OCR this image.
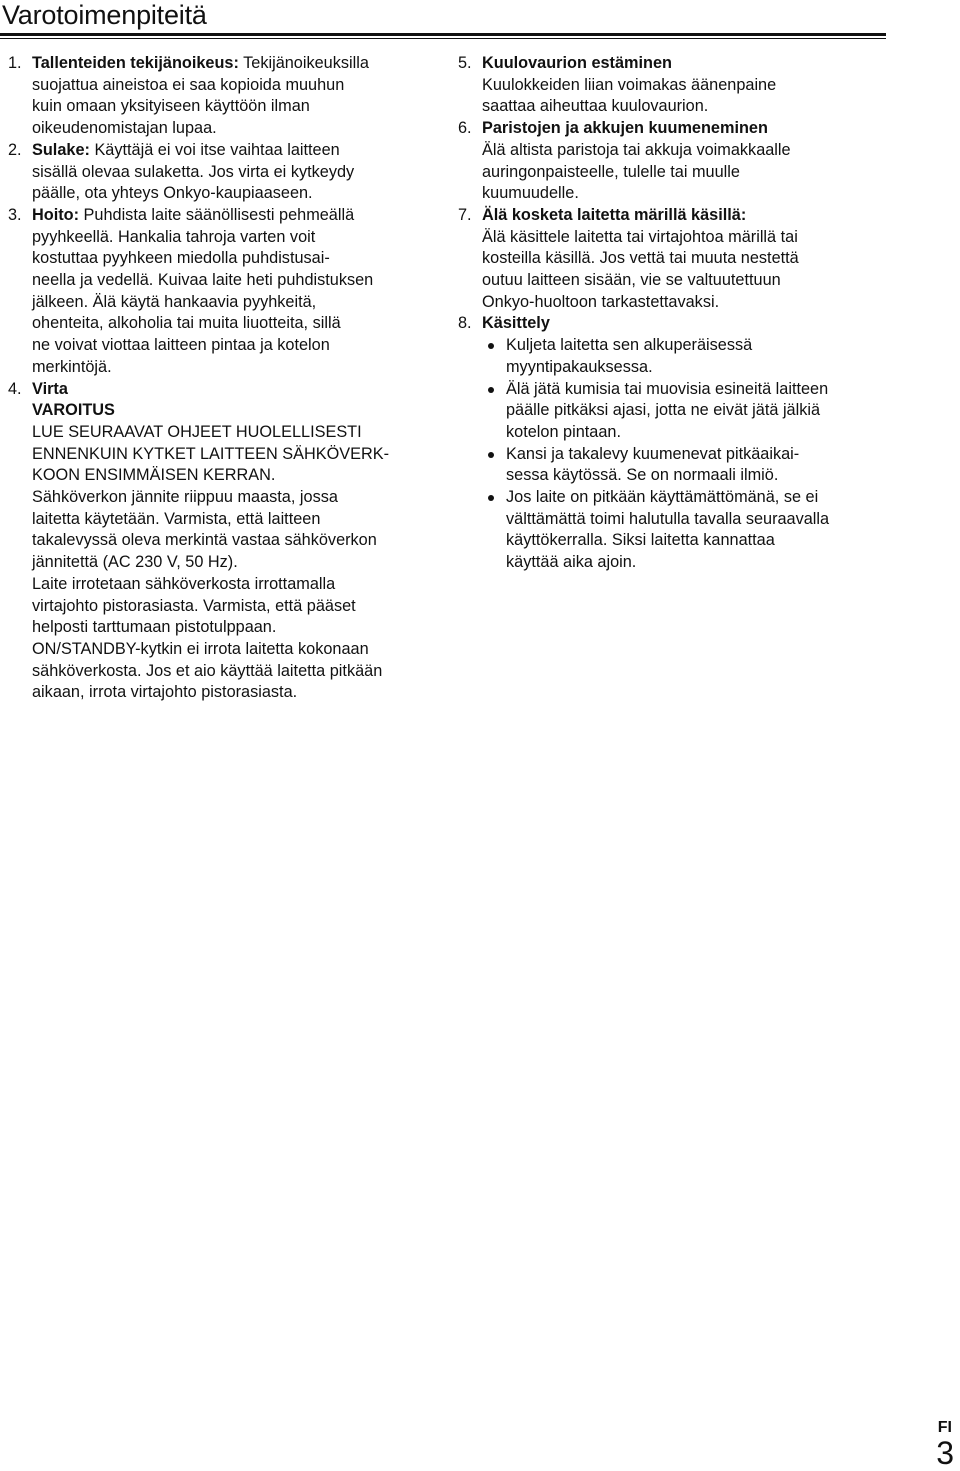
Varotoimenpiteitä
1. Tallenteiden tekijänoikeus: Tekijänoikeuksilla
suojattua aineistoa ei saa kopioida muuhun
kuin omaan yksityiseen käyttöön ilman
oikeudenomistajan lupaa.
2. Sulake: Käyttäjä ei voi itse vaihtaa laitteen
sisällä olevaa sulaketta. Jos virta ei kytkeydy
päälle, ota yhteys Onkyo-kaupiaaseen.
3. Hoito: Puhdista laite säänöllisesti pehmeällä
pyyhkeellä. Hankalia tahroja varten voit
kostuttaa pyyhkeen miedolla puhdistusai-
neella ja vedellä. Kuivaa laite heti puhdistuksen
jälkeen. Älä käytä hankaavia pyyhkeitä,
ohenteita, alkoholia tai muita liuotteita, sillä
ne voivat viottaa laitteen pintaa ja kotelon
merkintöjä.
4. Virta
VAROITUS
LUE SEURAAVAT OHJEET HUOLELLISESTI
ENNENKUIN KYTKET LAITTEEN SÄHKÖVERK-
KOON ENSIMMÄISEN KERRAN.
Sähköverkon jännite riippuu maasta, jossa
laitetta käytetään. Varmista, että laitteen
takalevyssä oleva merkintä vastaa sähköverkon
jännitettä (AC 230 V, 50 Hz).
Laite irrotetaan sähköverkosta irrottamalla
virtajohto pistorasiasta. Varmista, että pääset
helposti tarttumaan pistotulppaan.
ON/STANDBY-kytkin ei irrota laitetta kokonaan
sähköverkosta. Jos et aio käyttää laitetta pitkään
aikaan, irrota virtajohto pistorasiasta.
5. Kuulovaurion estäminen
Kuulokkeiden liian voimakas äänenpaine
saattaa aiheuttaa kuulovaurion.
6. Paristojen ja akkujen kuumeneminen
Älä altista paristoja tai akkuja voimakkaalle
auringonpaisteelle, tulelle tai muulle
kuumuudelle.
7. Älä kosketa laitetta märillä käsillä:
Älä käsittele laitetta tai virtajohtoa märillä tai
kosteilla käsillä. Jos vettä tai muuta nestettä
outuu laitteen sisään, vie se valtuutettuun
Onkyo-huoltoon tarkastettavaksi.
8. Käsittely
Kuljeta laitetta sen alkuperäisessä
myyntipakauksessa.
Älä jätä kumisia tai muovisia esineitä laitteen
päälle pitkäksi ajasi, jotta ne eivät jätä jälkiä
kotelon pintaan.
Kansi ja takalevy kuumenevat pitkäaikai-
sessa käytössä. Se on normaali ilmiö.
Jos laite on pitkään käyttämättömänä, se ei
välttämättä toimi halutulla tavalla seuraavalla
käyttökerralla. Siksi laitetta kannattaa
käyttää aika ajoin.
FI
3
